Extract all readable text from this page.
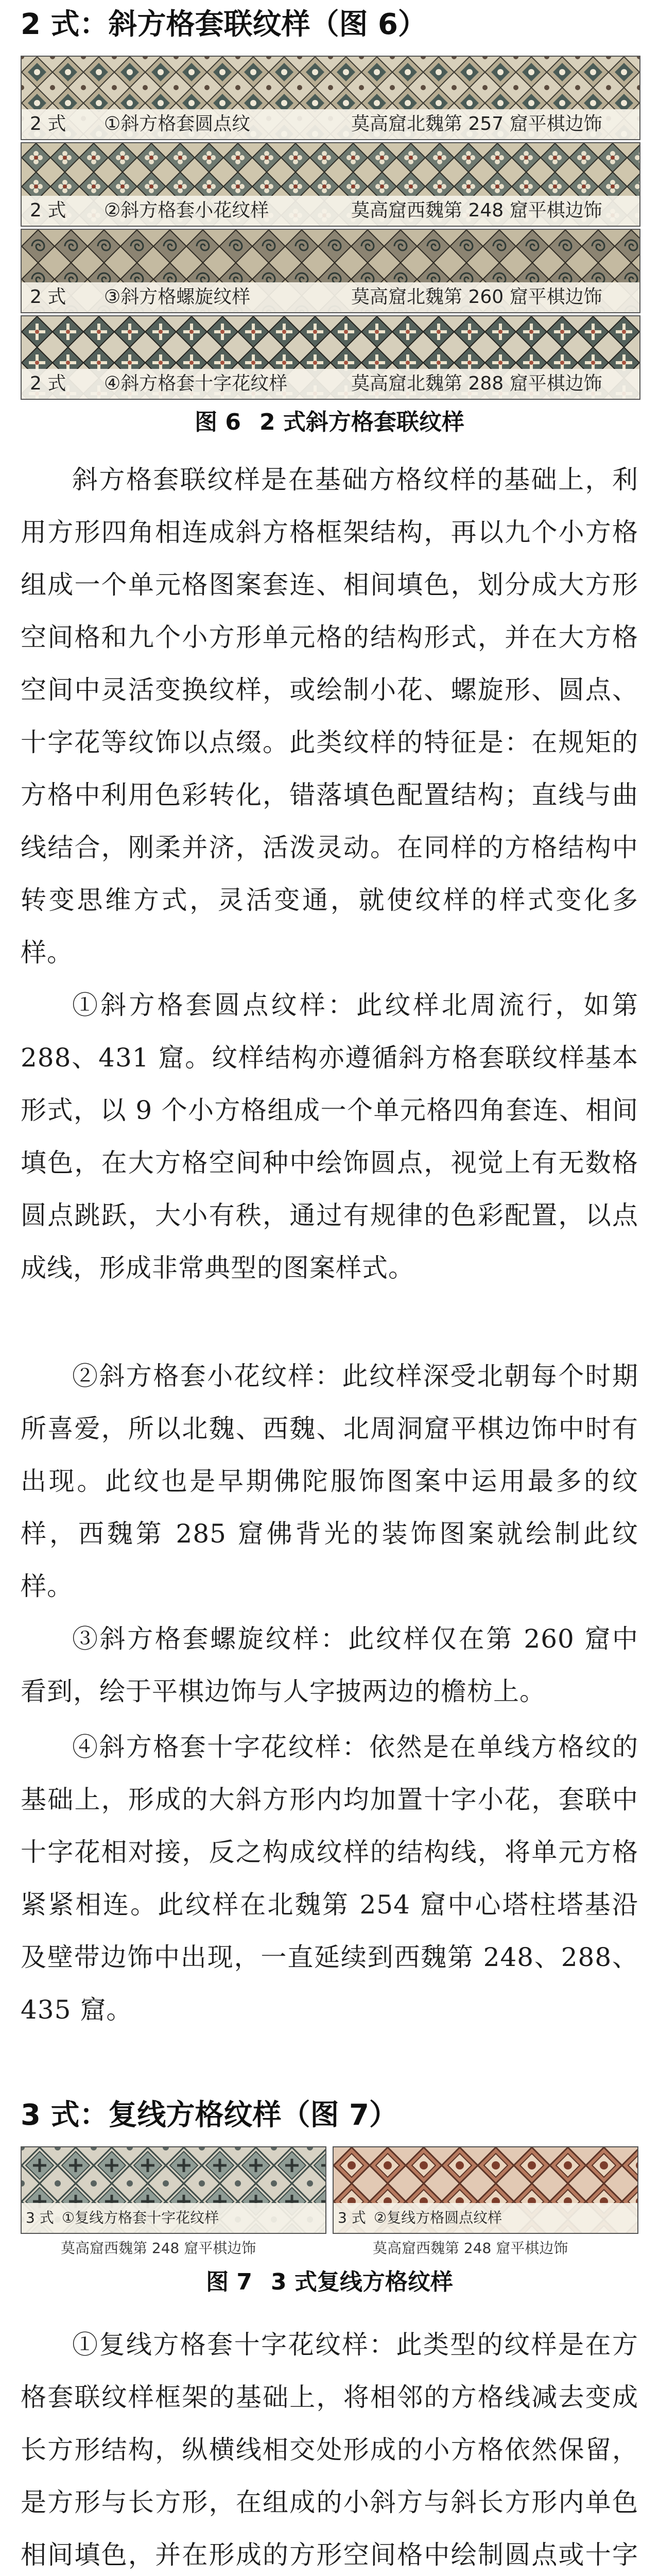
2 式：斜方格套联纹样（图 6）
2 式 ①斜方格套圆点纹	莫高窟北魏第 257 窟平棋边饰
2 式 ②斜方格套小花纹样	莫高窟西魏第 248 窟平棋边饰
2 式 ③斜方格螺旋纹样	莫高窟北魏第 260 窟平棋边饰
2 式 ④斜方格套十字花纹样	莫高窟北魏第 288 窟平棋边饰
图 6 2 式斜方格套联纹样

斜方格套联纹样是在基础方格纹样的基础上，利用方形四角相连成斜方格框架结构，再以九个小方格组成一个单元格图案套连、相间填色，划分成大方形空间格和九个小方形单元格的结构形式，并在大方格空间中灵活变换纹样，或绘制小花、螺旋形、圆点、十字花等纹饰以点缀。此类纹样的特征是：在规矩的方格中利用色彩转化，错落填色配置结构；直线与曲线结合，刚柔并济，活泼灵动。在同样的方格结构中转变思维方式，灵活变通，就使纹样的样式变化多样。

①斜方格套圆点纹样：此纹样北周流行，如第 288、431 窟。纹样结构亦遵循斜方格套联纹样基本形式，以 9 个小方格组成一个单元格四角套连、相间填色，在大方格空间种中绘饰圆点，视觉上有无数格圆点跳跃，大小有秩，通过有规律的色彩配置，以点成线，形成非常典型的图案样式。

②斜方格套小花纹样：此纹样深受北朝每个时期所喜爱，所以北魏、西魏、北周洞窟平棋边饰中时有出现。此纹也是早期佛陀服饰图案中运用最多的纹样，西魏第 285 窟佛背光的装饰图案就绘制此纹样。

③斜方格套螺旋纹样：此纹样仅在第 260 窟中看到，绘于平棋边饰与人字披两边的檐枋上。

④斜方格套十字花纹样：依然是在单线方格纹的基础上，形成的大斜方形内均加置十字小花，套联中十字花相对接，反之构成纹样的结构线，将单元方格紧紧相连。此纹样在北魏第 254 窟中心塔柱塔基沿及壁带边饰中出现，一直延续到西魏第 248、288、435 窟。

3 式：复线方格纹样（图 7）
3 式 ①复线方格套十字花纹样	3 式 ②复线方格圆点纹样
莫高窟西魏第 248 窟平棋边饰	莫高窟西魏第 248 窟平棋边饰
图 7 3 式复线方格纹样

①复线方格套十字花纹样：此类型的纹样是在方格套联纹样框架的基础上，将相邻的方格线减去变成长方形结构，纵横线相交处形成的小方格依然保留，是方形与长方形，在组成的小斜方与斜长方形内单色相间填色，并在形成的方形空间格中绘制圆点或十字
